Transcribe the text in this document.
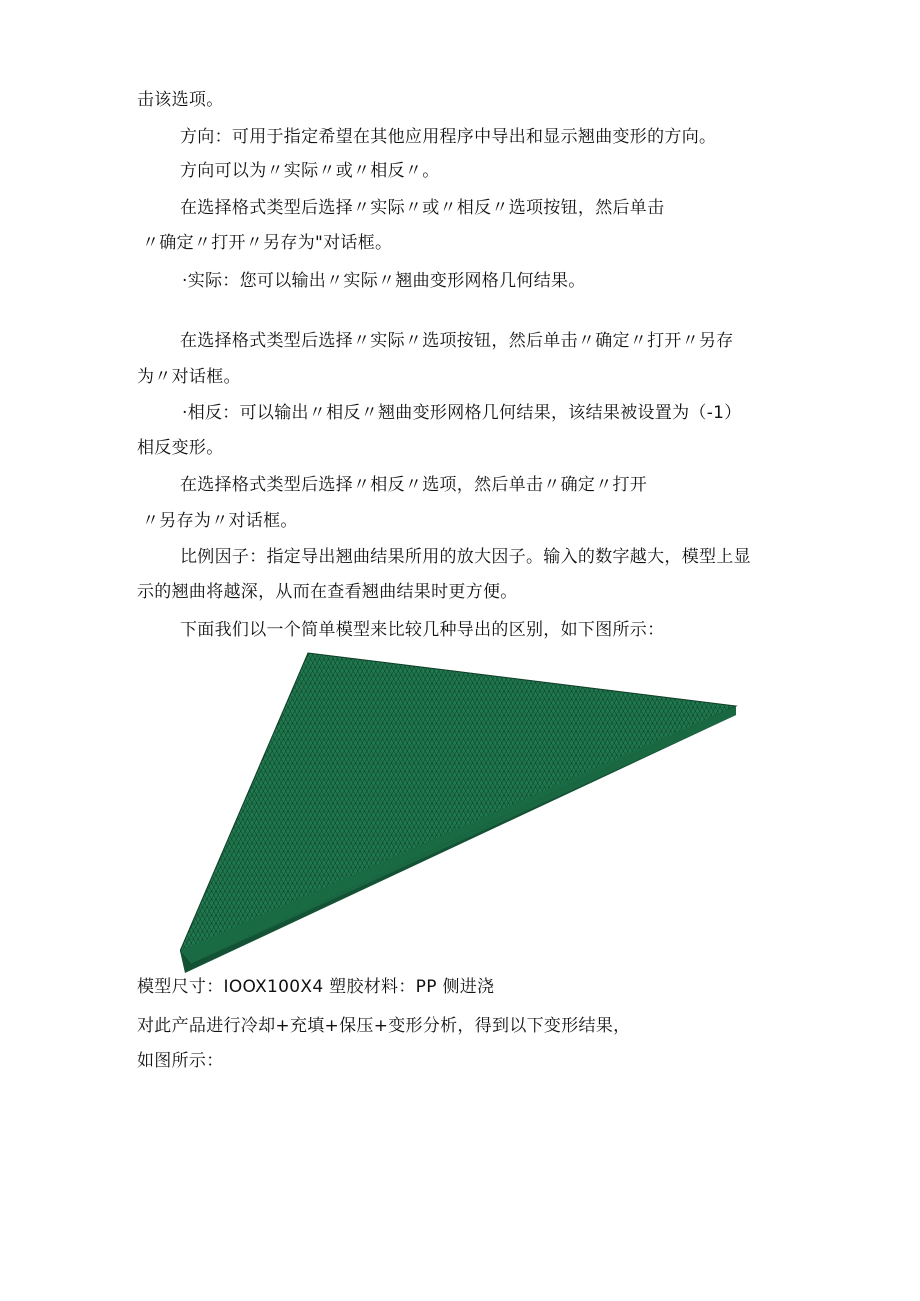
击该选项。
方向：可用于指定希望在其他应用程序中导出和显示翘曲变形的方向。
方向可以为〃实际〃或〃相反〃。
在选择格式类型后选择〃实际〃或〃相反〃选项按钮，然后单击
〃确定〃打开〃另存为"对话框。
·实际：您可以输出〃实际〃翘曲变形网格几何结果。
在选择格式类型后选择〃实际〃选项按钮，然后单击〃确定〃打开〃另存
为〃对话框。
·相反：可以输出〃相反〃翘曲变形网格几何结果，该结果被设置为（-1）
相反变形。
在选择格式类型后选择〃相反〃选项，然后单击〃确定〃打开
〃另存为〃对话框。
比例因子：指定导出翘曲结果所用的放大因子。输入的数字越大，模型上显
示的翘曲将越深，从而在查看翘曲结果时更方便。
下面我们以一个简单模型来比较几种导出的区别，如下图所示：
模型尺寸：IOOX100X4 塑胶材料：PP 侧进浇
对此产品进行冷却+充填+保压+变形分析，得到以下变形结果，
如图所示：
